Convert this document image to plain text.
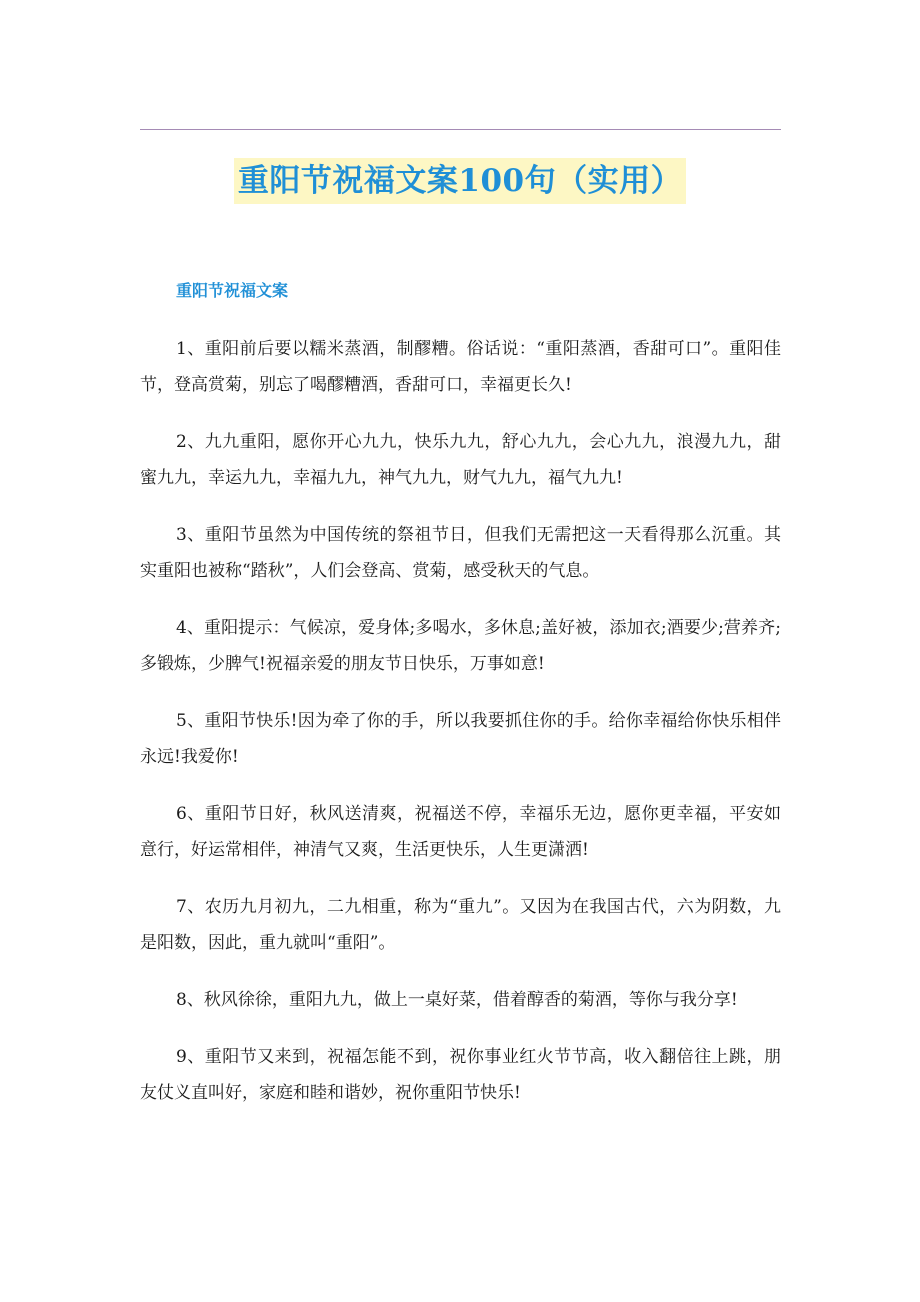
重阳节祝福文案100句（实用）
重阳节祝福文案

1、重阳前后要以糯米蒸酒，制醪糟。俗话说：“重阳蒸酒，香甜可口”。重阳佳节，登高赏菊，别忘了喝醪糟酒，香甜可口，幸福更长久!

2、九九重阳，愿你开心九九，快乐九九，舒心九九，会心九九，浪漫九九，甜蜜九九，幸运九九，幸福九九，神气九九，财气九九，福气九九!

3、重阳节虽然为中国传统的祭祖节日，但我们无需把这一天看得那么沉重。其实重阳也被称“踏秋”，人们会登高、赏菊，感受秋天的气息。

4、重阳提示：气候凉，爱身体;多喝水，多休息;盖好被，添加衣;酒要少;营养齐;多锻炼，少脾气!祝福亲爱的朋友节日快乐，万事如意!

5、重阳节快乐!因为牵了你的手，所以我要抓住你的手。给你幸福给你快乐相伴永远!我爱你!

6、重阳节日好，秋风送清爽，祝福送不停，幸福乐无边，愿你更幸福，平安如意行，好运常相伴，神清气又爽，生活更快乐，人生更潇洒!

7、农历九月初九，二九相重，称为“重九”。又因为在我国古代，六为阴数，九是阳数，因此，重九就叫“重阳”。

8、秋风徐徐，重阳九九，做上一桌好菜，借着醇香的菊酒，等你与我分享!

9、重阳节又来到，祝福怎能不到，祝你事业红火节节高，收入翻倍往上跳，朋友仗义直叫好，家庭和睦和谐妙，祝你重阳节快乐!
